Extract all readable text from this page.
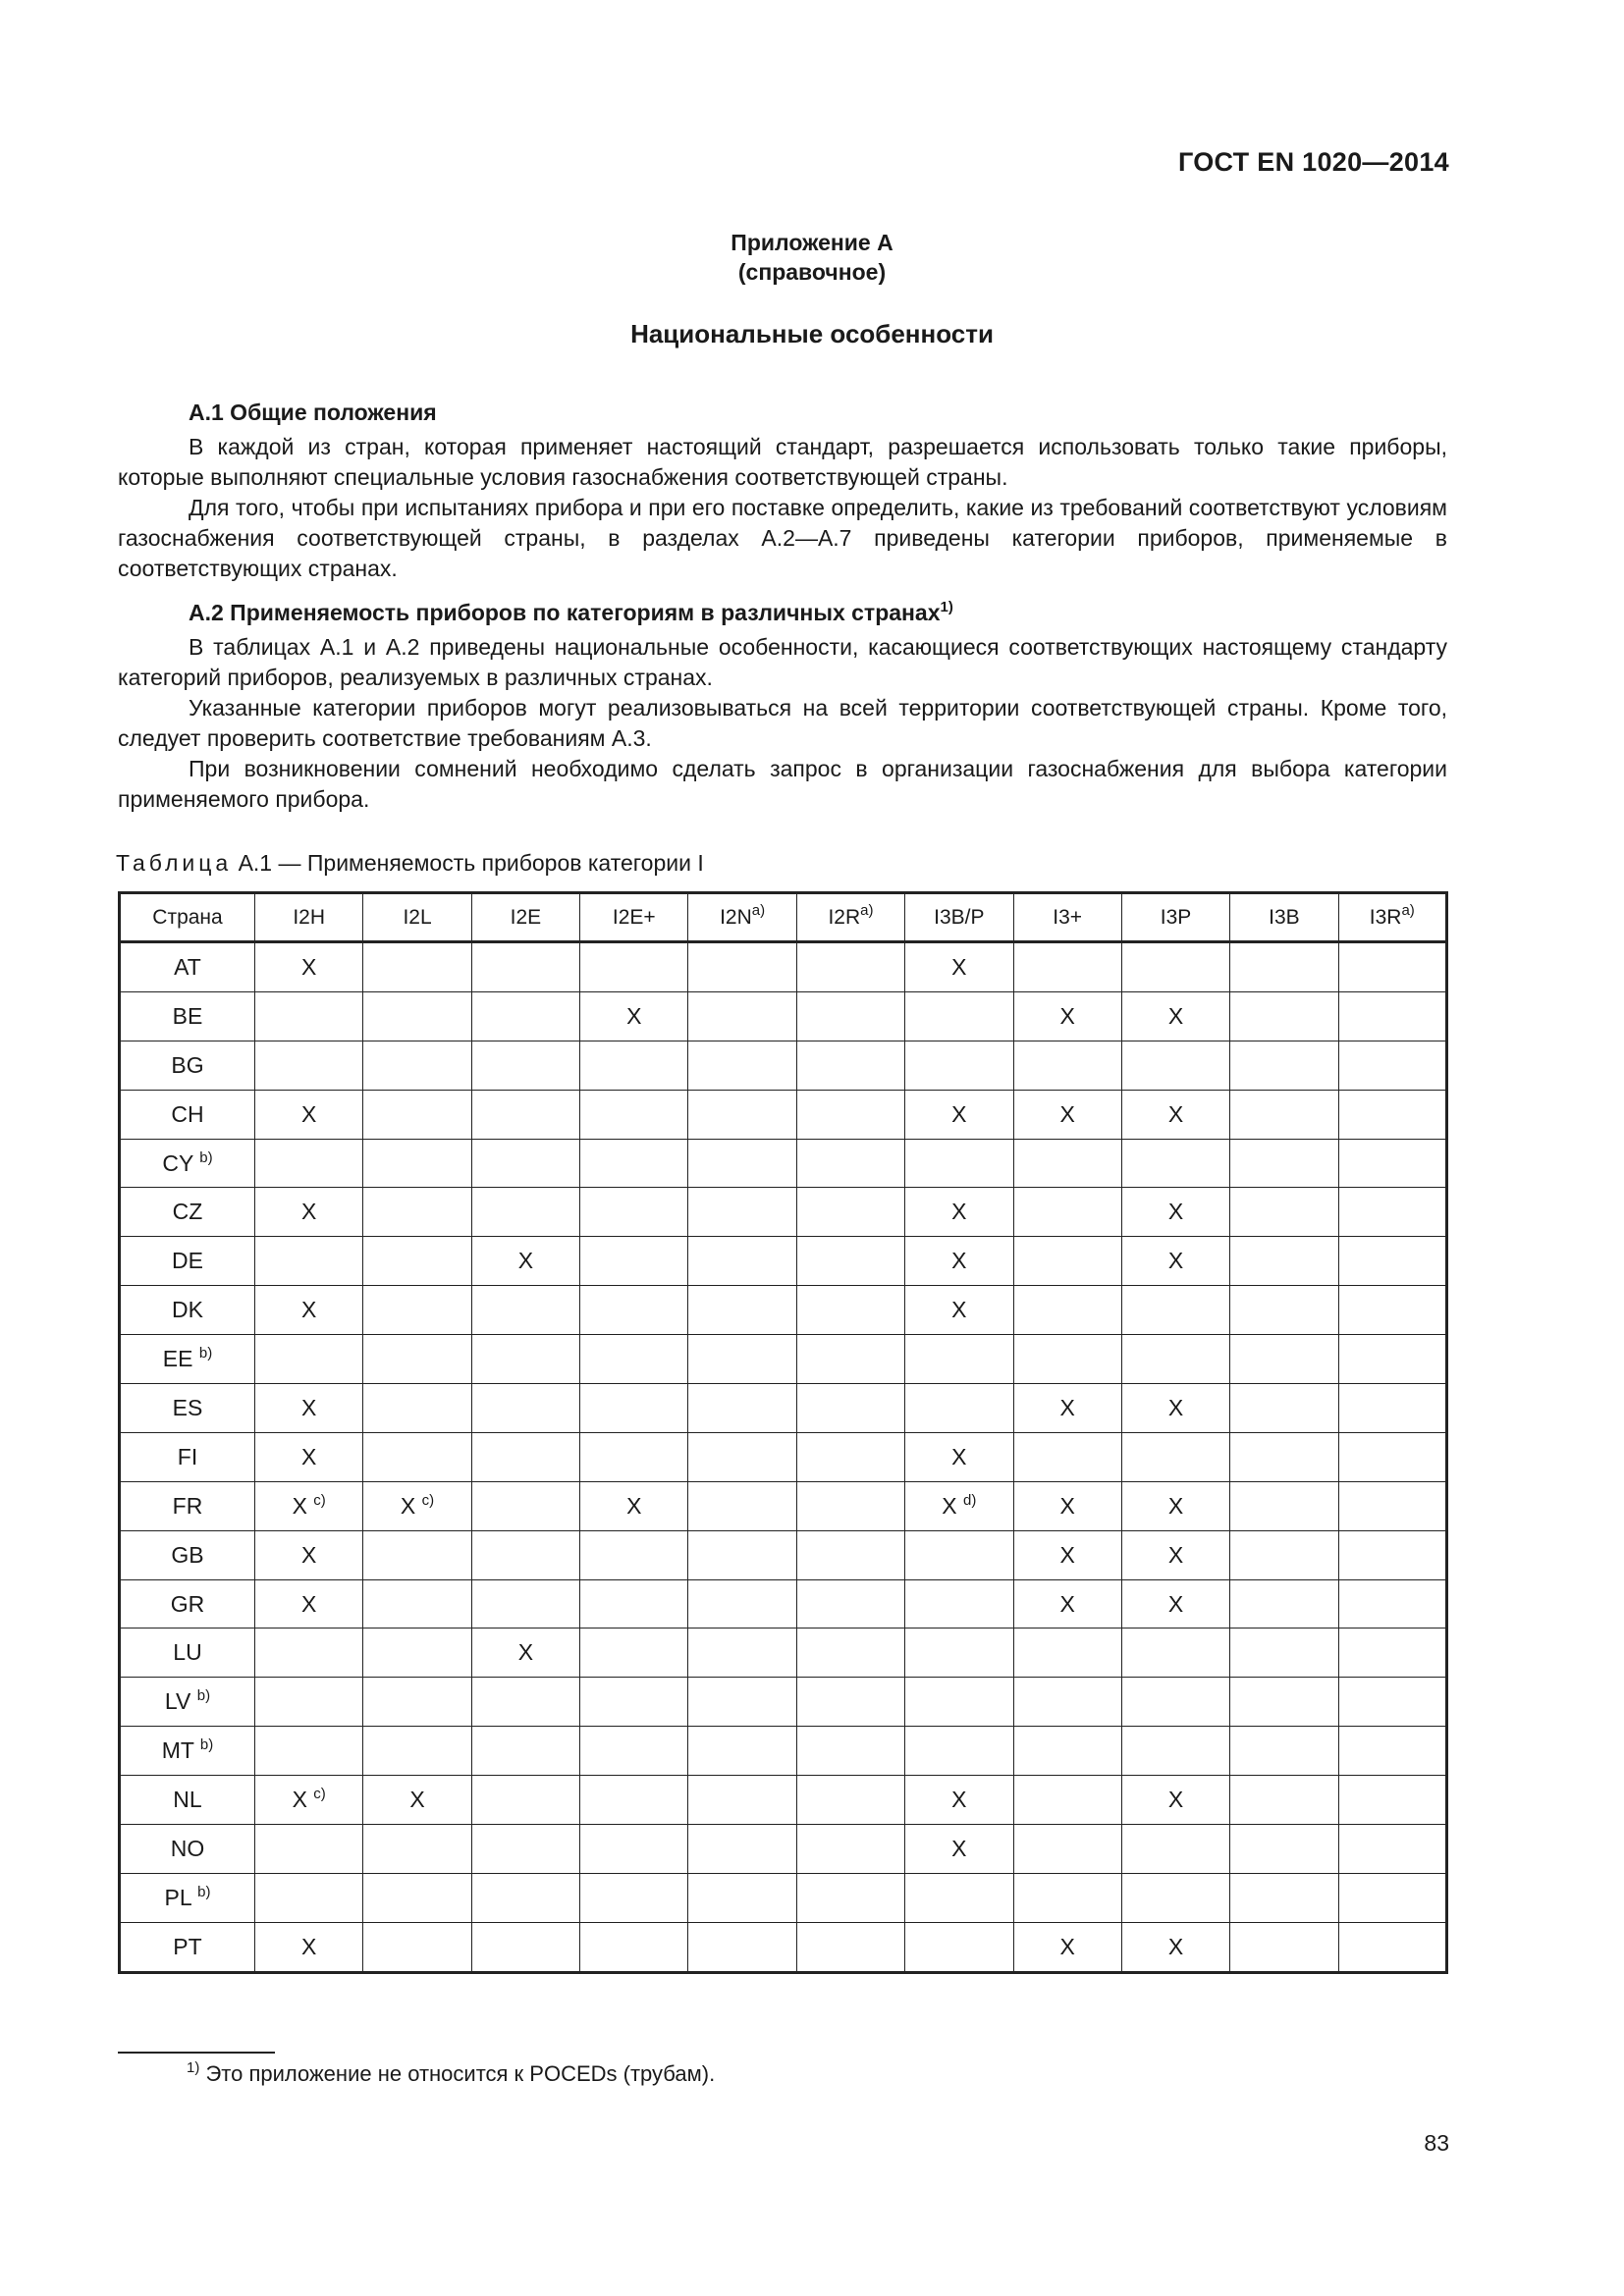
ГОСТ EN 1020—2014
Приложение А
(справочное)
Национальные особенности
А.1 Общие положения

В каждой из стран, которая применяет настоящий стандарт, разрешается использовать только такие приборы, которые выполняют специальные условия газоснабжения соответствующей страны.

Для того, чтобы при испытаниях прибора и при его поставке определить, какие из требований соответствуют условиям газоснабжения соответствующей страны, в разделах А.2—А.7 приведены категории приборов, применяемые в соответствующих странах.

А.2 Применяемость приборов по категориям в различных странах$^{1)}$

В таблицах А.1 и А.2 приведены национальные особенности, касающиеся соответствующих настоящему стандарту категорий приборов, реализуемых в различных странах.

Указанные категории приборов могут реализовываться на всей территории соответствующей страны. Кроме того, следует проверить соответствие требованиям А.3.

При возникновении сомнений необходимо сделать запрос в организации газоснабжения для выбора категории применяемого прибора.

Таблица А.1 — Применяемость приборов категории I
Страна	I2H	I2L	I2E	I2E+	$I2N^{a)}$	$I2R^{a)}$	I3B/P	I3+	I3P	I3B	$I3R^{a)}$
AT	X						X				
BE				X				X	X		
BG											
CH	X						X	X	X		
CY $^{b)}$											
CZ	X						X		X		
DE			X				X		X		
DK	X						X				
EE $^{b)}$											
ES	X							X	X		
FI	X						X				
FR	X $^{c)}$	X $^{c)}$		X			X $^{d)}$	X	X		
GB	X							X	X		
GR	X							X	X		
LU			X								
LV $^{b)}$											
MT $^{b)}$											
NL	X $^{c)}$	X					X		X		
NO							X				
PL $^{b)}$											
PT	X							X	X		
$^{1)}$ Это приложение не относится к POCEDs (трубам).
83
